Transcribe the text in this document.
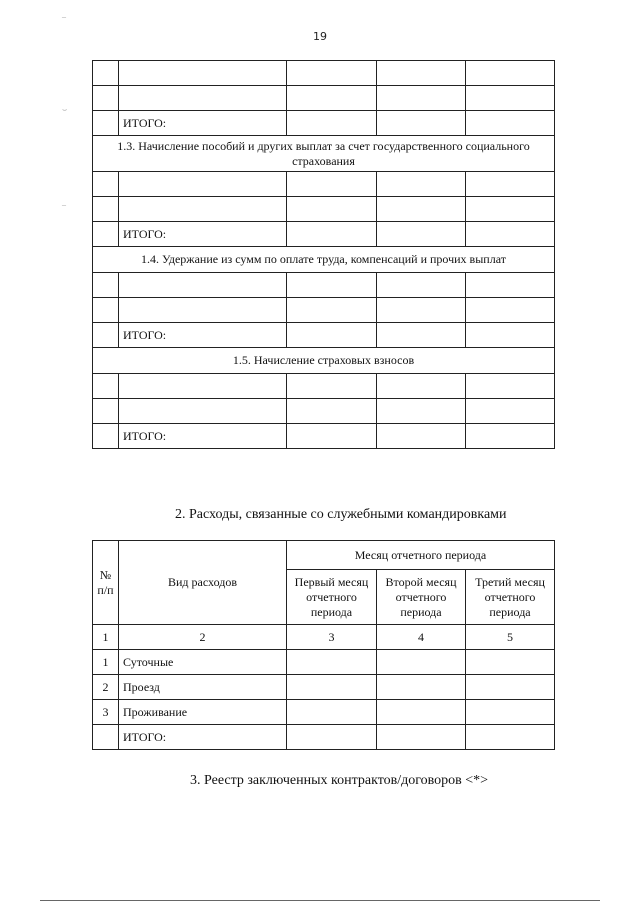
19
–
⌣
–

	ИТОГО:			
1.3. Начисление пособий и других выплат за счет государственного социального страхования				

	ИТОГО:			
1.4. Удержание из сумм по оплате труда, компенсаций и прочих выплат				

	ИТОГО:			
1.5. Начисление страховых взносов				

	ИТОГО:			
2. Расходы, связанные со служебными командировками
№ п/п	Вид расходов	Месяц отчетного периода		
		Первый месяц отчетного периода	Второй месяц отчетного периода	Третий месяц отчетного периода
1	2	3	4	5
1	Суточные			
2	Проезд			
3	Проживание			
	ИТОГО:			
3. Реестр заключенных контрактов/договоров <*>
